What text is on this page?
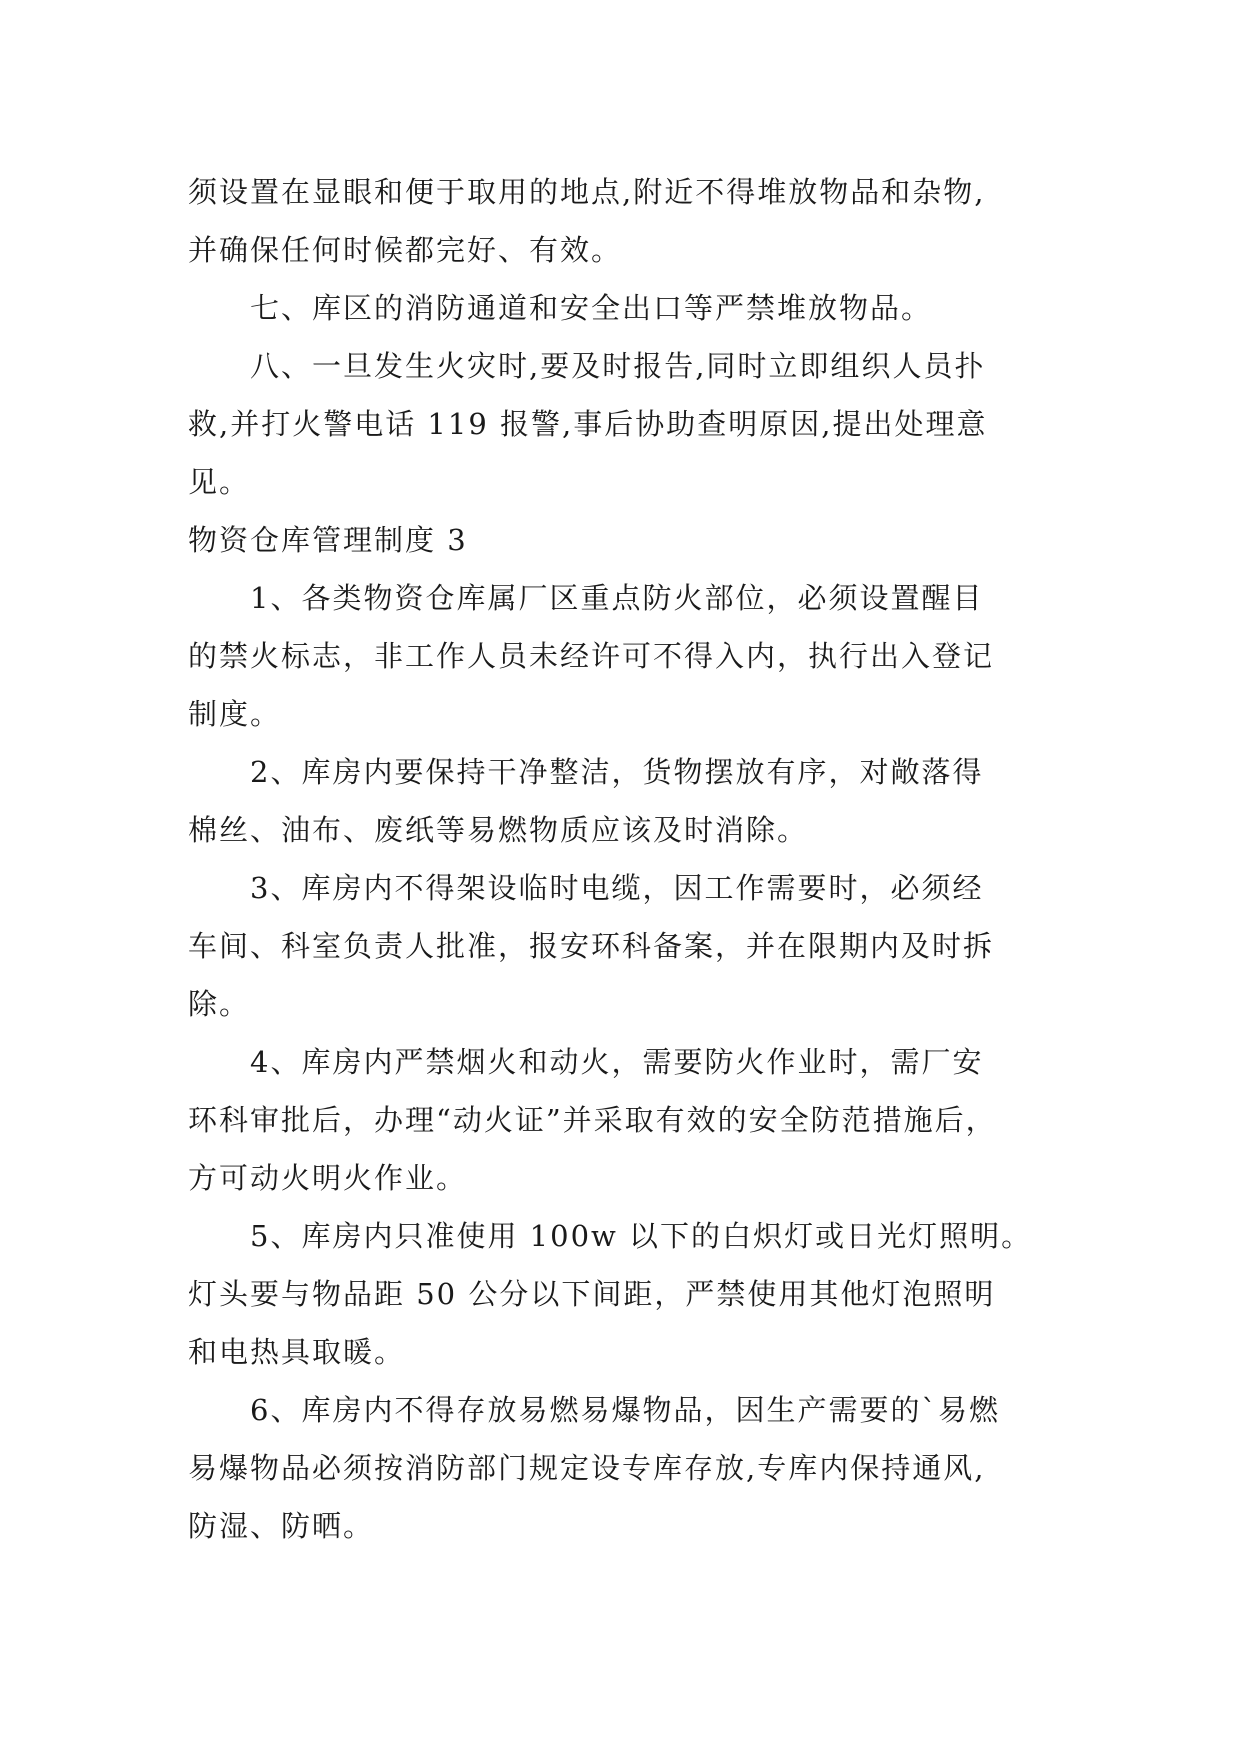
须设置在显眼和便于取用的地点,附近不得堆放物品和杂物,
并确保任何时候都完好、有效。
七、库区的消防通道和安全出口等严禁堆放物品。
八、一旦发生火灾时,要及时报告,同时立即组织人员扑
救,并打火警电话 119 报警,事后协助查明原因,提出处理意
见。
物资仓库管理制度 3
1、各类物资仓库属厂区重点防火部位，必须设置醒目
的禁火标志，非工作人员未经许可不得入内，执行出入登记
制度。
2、库房内要保持干净整洁，货物摆放有序，对敞落得
棉丝、油布、废纸等易燃物质应该及时消除。
3、库房内不得架设临时电缆，因工作需要时，必须经
车间、科室负责人批准，报安环科备案，并在限期内及时拆
除。
4、库房内严禁烟火和动火，需要防火作业时，需厂安
环科审批后，办理“动火证”并采取有效的安全防范措施后，
方可动火明火作业。
5、库房内只准使用 100w 以下的白炽灯或日光灯照明。
灯头要与物品距 50 公分以下间距，严禁使用其他灯泡照明
和电热具取暖。
6、库房内不得存放易燃易爆物品，因生产需要的`易燃
易爆物品必须按消防部门规定设专库存放,专库内保持通风,
防湿、防晒。
